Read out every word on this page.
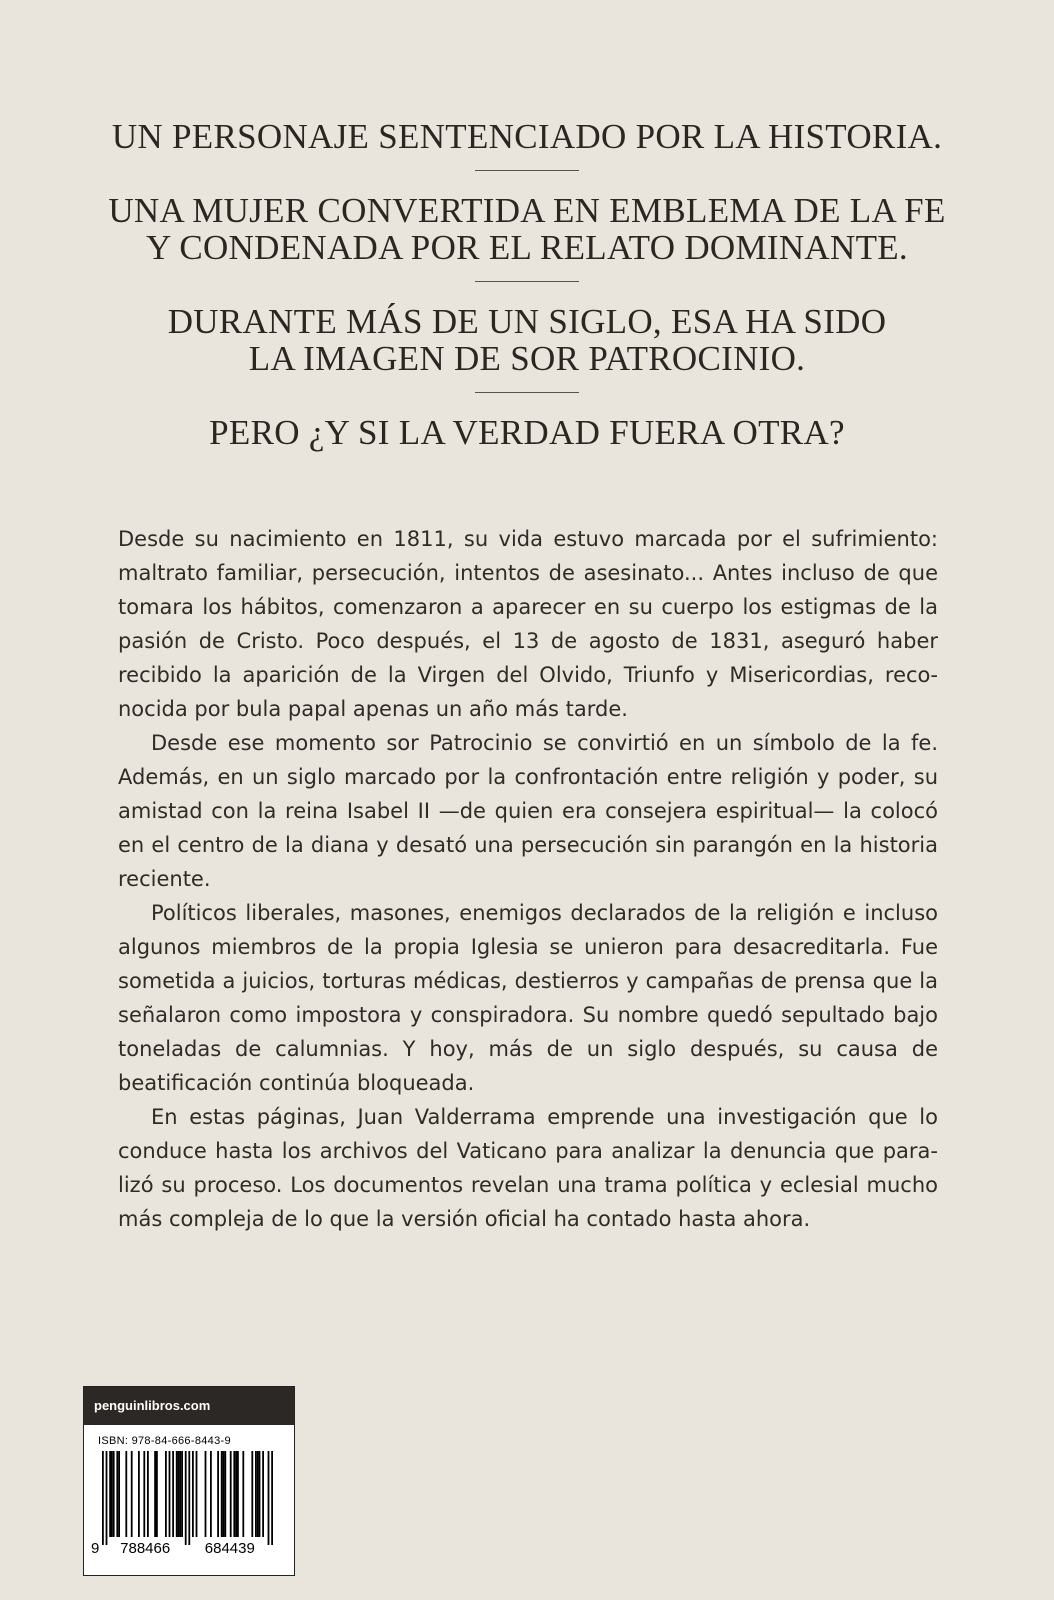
UN PERSONAJE SENTENCIADO POR LA HISTORIA.

UNA MUJER CONVERTIDA EN EMBLEMA DE LA FE
Y CONDENADA POR EL RELATO DOMINANTE.

DURANTE MÁS DE UN SIGLO, ESA HA SIDO
LA IMAGEN DE SOR PATROCINIO.

PERO ¿Y SI LA VERDAD FUERA OTRA?

Desde su nacimiento en 1811, su vida estuvo marcada por el sufrimiento: maltrato familiar, persecución, intentos de asesinato... Antes incluso de que tomara los hábitos, comenzaron a aparecer en su cuerpo los estigmas de la pasión de Cristo. Poco después, el 13 de agosto de 1831, aseguró haber recibido la aparición de la Virgen del Olvido, Triunfo y Misericordias, reconocida por bula papal apenas un año más tarde.

Desde ese momento sor Patrocinio se convirtió en un símbolo de la fe. Además, en un siglo marcado por la confrontación entre religión y poder, su amistad con la reina Isabel II —de quien era consejera espiritual— la colocó en el centro de la diana y desató una persecución sin parangón en la historia reciente.

Políticos liberales, masones, enemigos declarados de la religión e incluso algunos miembros de la propia Iglesia se unieron para desacreditarla. Fue sometida a juicios, torturas médicas, destierros y campañas de prensa que la señalaron como impostora y conspiradora. Su nombre quedó sepultado bajo toneladas de calumnias. Y hoy, más de un siglo después, su causa de beatificación continúa bloqueada.

En estas páginas, Juan Valderrama emprende una investigación que lo conduce hasta los archivos del Vaticano para analizar la denuncia que paralizó su proceso. Los documentos revelan una trama política y eclesial mucho más compleja de lo que la versión oficial ha contado hasta ahora.

penguinlibros.com
ISBN: 978-84-666-8443-9
9 788466 684439
